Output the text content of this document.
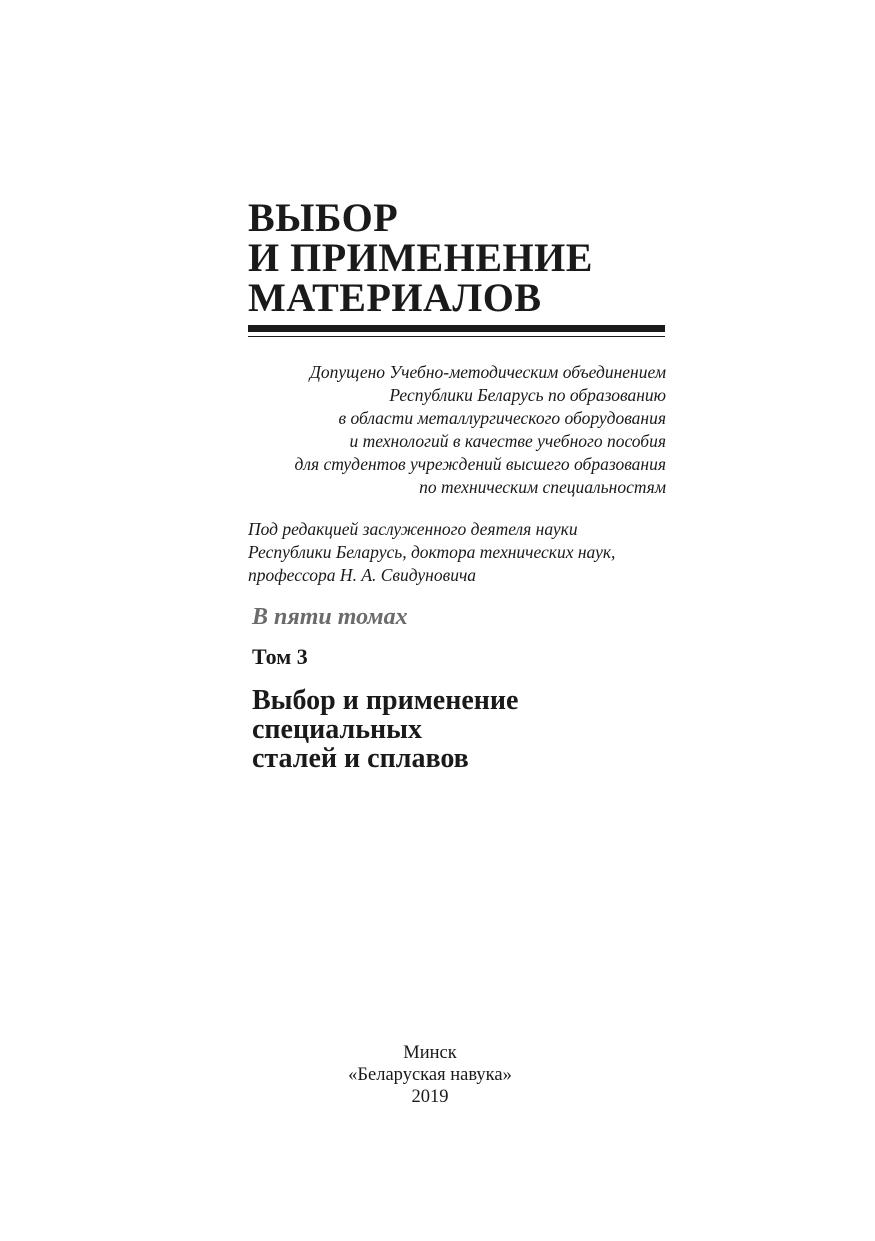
ВЫБОР
И ПРИМЕНЕНИЕ
МАТЕРИАЛОВ
Допущено Учебно-методическим объединением
Республики Беларусь по образованию
в области металлургического оборудования
и технологий в качестве учебного пособия
для студентов учреждений высшего образования
по техническим специальностям
Под редакцией заслуженного деятеля науки
Республики Беларусь, доктора технических наук,
профессора Н. А. Свидуновича
В пяти томах
Том 3
Выбор и применение
специальных
сталей и сплавов
Минск
«Беларуская навука»
2019
